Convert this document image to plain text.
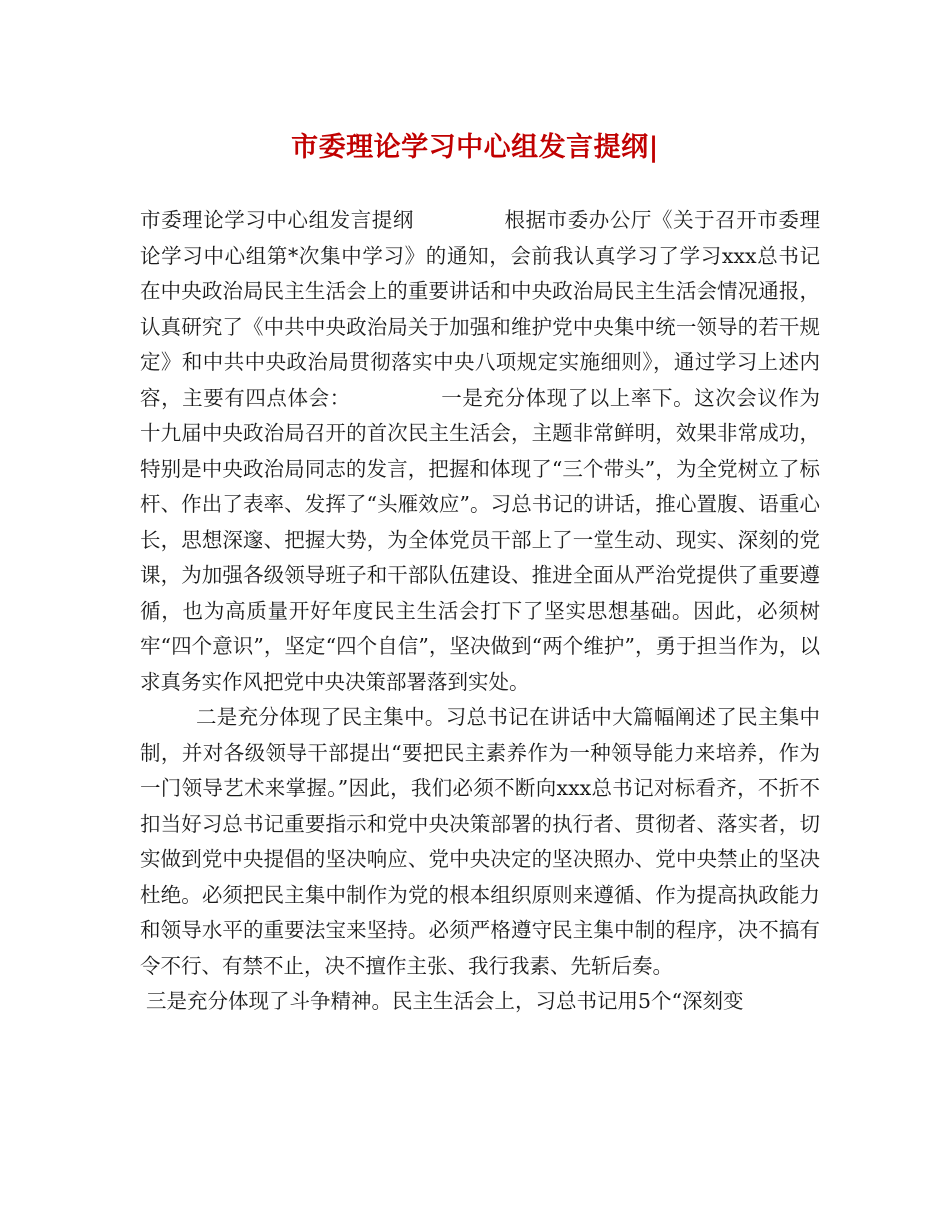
市委理论学习中心组发言提纲|

市委理论学习中心组发言提纲	根据市委办公厅《关于召开市委理论学习中心组第*次集中学习》的通知，会前我认真学习了学习xxx总书记在中央政治局民主生活会上的重要讲话和中央政治局民主生活会情况通报，认真研究了《中共中央政治局关于加强和维护党中央集中统一领导的若干规定》和中共中央政治局贯彻落实中央八项规定实施细则》，通过学习上述内容，主要有四点体会：	一是充分体现了以上率下。这次会议作为十九届中央政治局召开的首次民主生活会，主题非常鲜明，效果非常成功，特别是中央政治局同志的发言，把握和体现了“三个带头”，为全党树立了标杆、作出了表率、发挥了“头雁效应”。习总书记的讲话，推心置腹、语重心长，思想深邃、把握大势，为全体党员干部上了一堂生动、现实、深刻的党课，为加强各级领导班子和干部队伍建设、推进全面从严治党提供了重要遵循，也为高质量开好年度民主生活会打下了坚实思想基础。因此，必须树牢“四个意识”，坚定“四个自信”，坚决做到“两个维护”，勇于担当作为，以求真务实作风把党中央决策部署落到实处。

二是充分体现了民主集中。习总书记在讲话中大篇幅阐述了民主集中制，并对各级领导干部提出“要把民主素养作为一种领导能力来培养，作为一门领导艺术来掌握。”因此，我们必须不断向xxx总书记对标看齐，不折不扣当好习总书记重要指示和党中央决策部署的执行者、贯彻者、落实者，切实做到党中央提倡的坚决响应、党中央决定的坚决照办、党中央禁止的坚决杜绝。必须把民主集中制作为党的根本组织原则来遵循、作为提高执政能力和领导水平的重要法宝来坚持。必须严格遵守民主集中制的程序，决不搞有令不行、有禁不止，决不擅作主张、我行我素、先斩后奏。

三是充分体现了斗争精神。民主生活会上，习总书记用5个“深刻变
